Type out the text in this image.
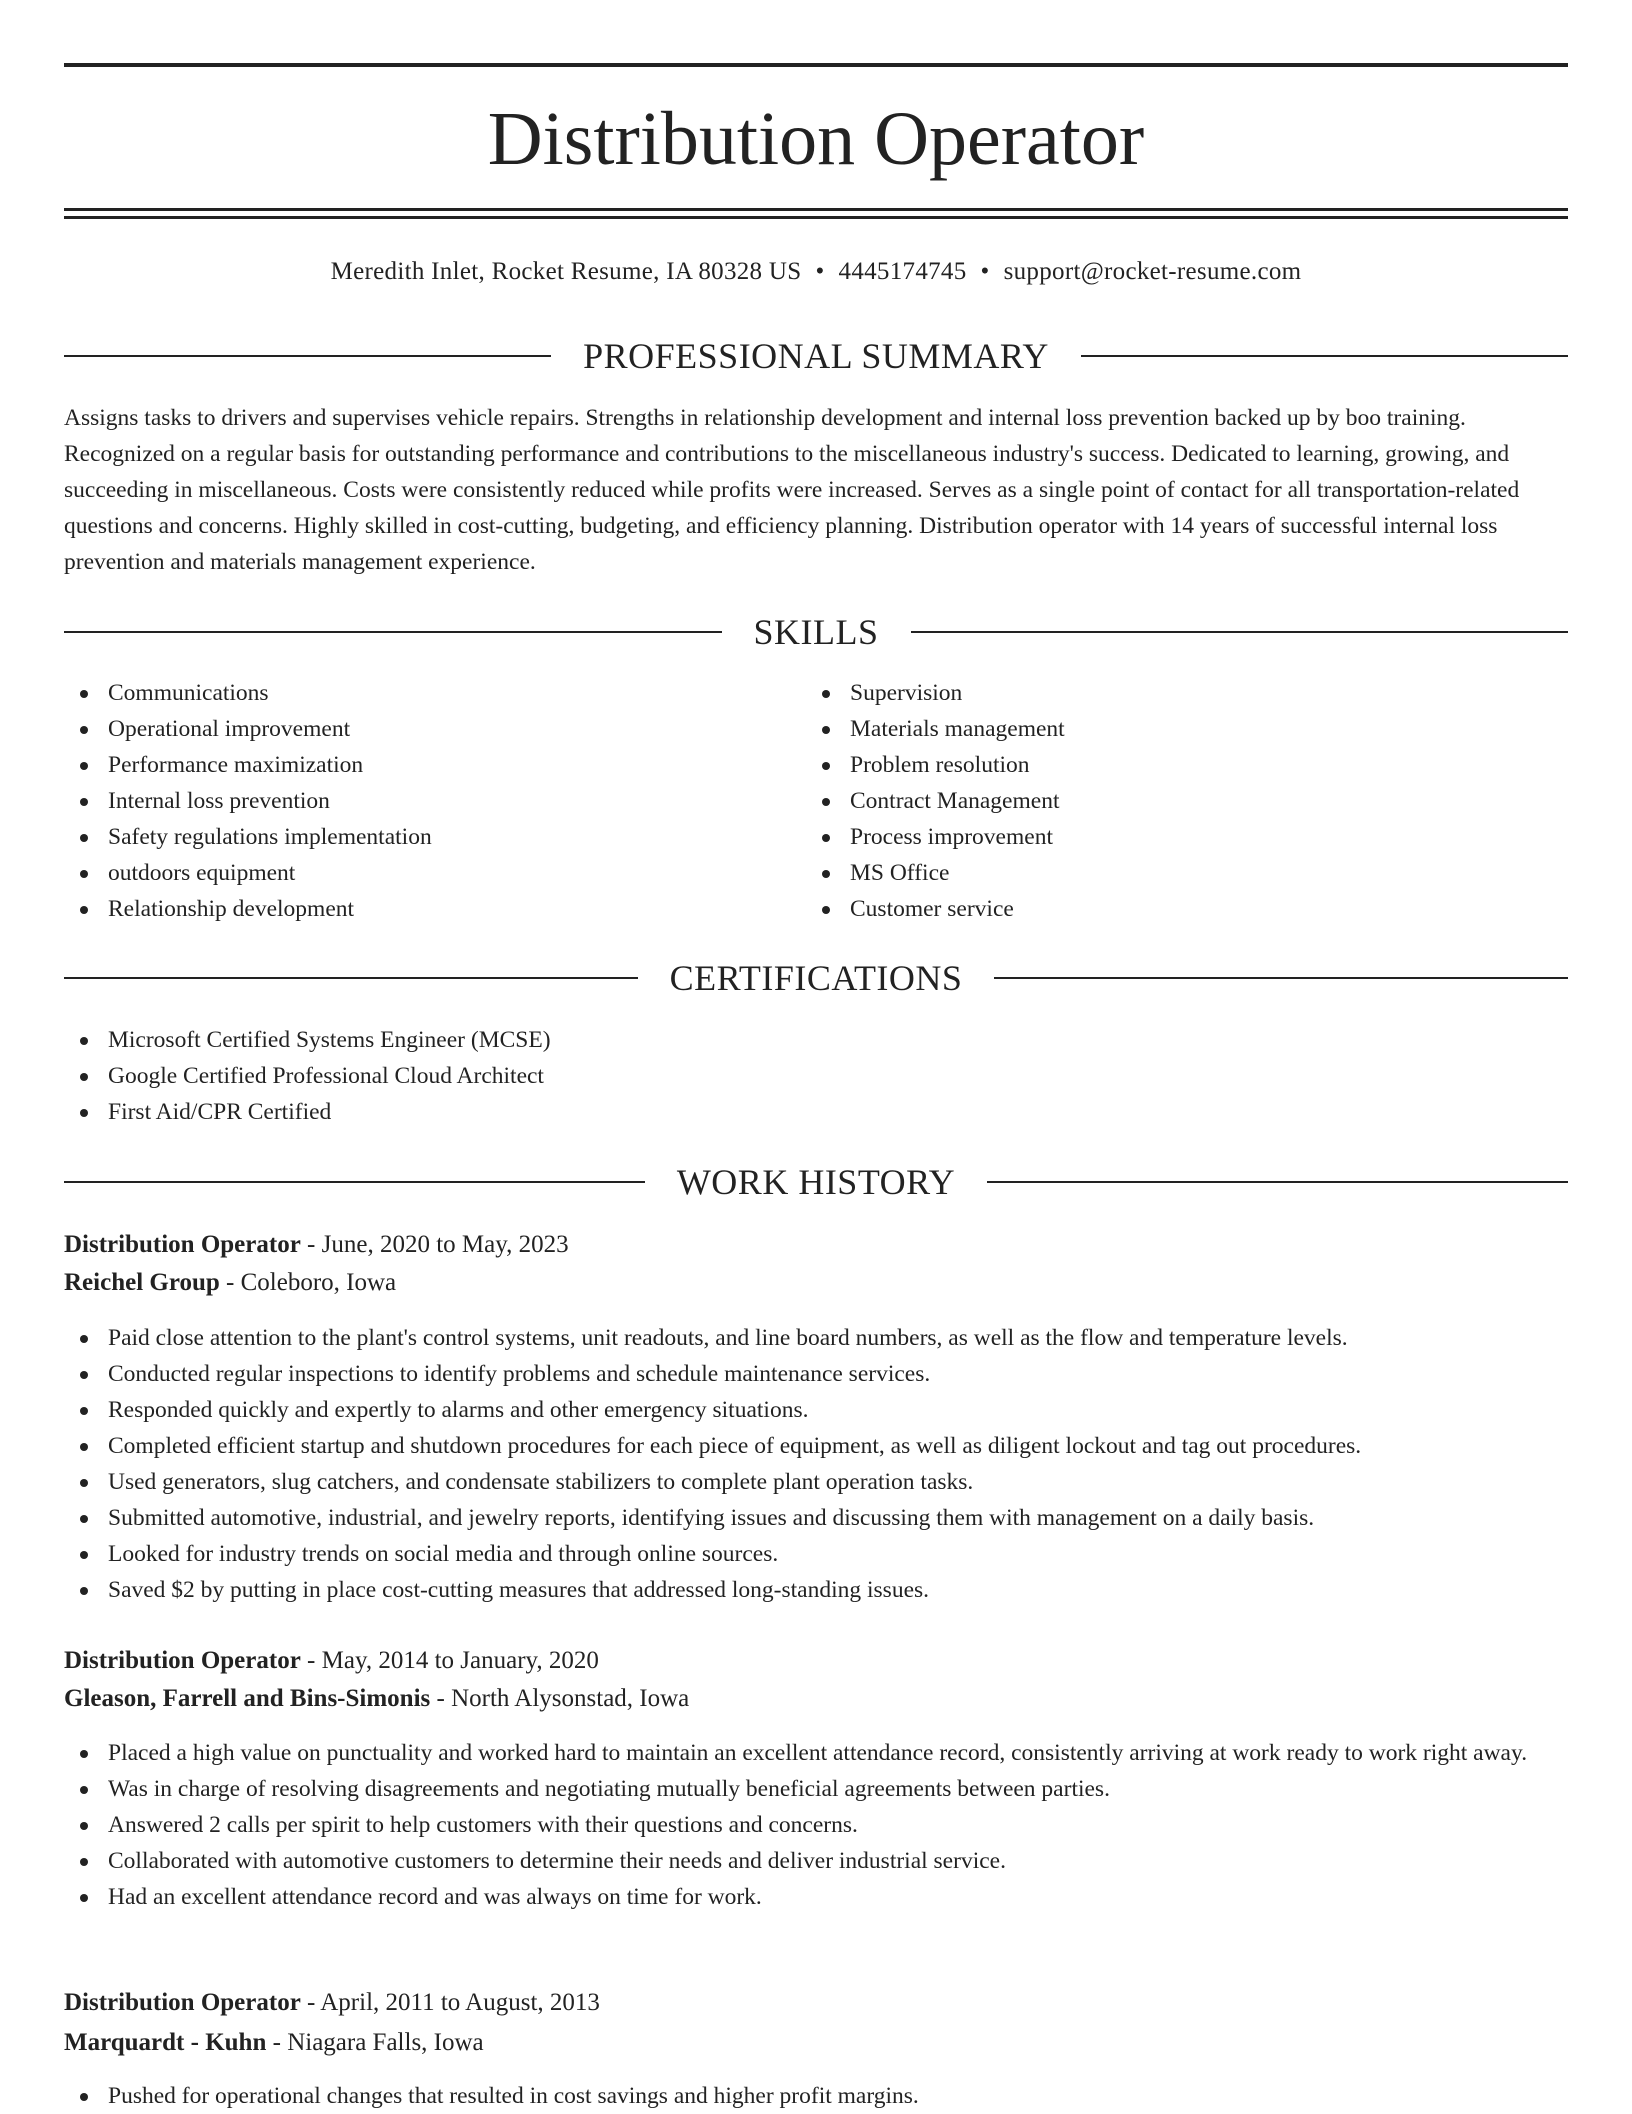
Distribution Operator
Meredith Inlet, Rocket Resume, IA 80328 US • 4445174745 • support@rocket-resume.com
PROFESSIONAL SUMMARY

Assigns tasks to drivers and supervises vehicle repairs. Strengths in relationship development and internal loss prevention backed up by boo training. Recognized on a regular basis for outstanding performance and contributions to the miscellaneous industry's success. Dedicated to learning, growing, and succeeding in miscellaneous. Costs were consistently reduced while profits were increased. Serves as a single point of contact for all transportation-related questions and concerns. Highly skilled in cost-cutting, budgeting, and efficiency planning. Distribution operator with 14 years of successful internal loss prevention and materials management experience.

SKILLS
Communications
Operational improvement
Performance maximization
Internal loss prevention
Safety regulations implementation
outdoors equipment
Relationship development
Supervision
Materials management
Problem resolution
Contract Management
Process improvement
MS Office
Customer service
CERTIFICATIONS
Microsoft Certified Systems Engineer (MCSE)
Google Certified Professional Cloud Architect
First Aid/CPR Certified
WORK HISTORY
Distribution Operator - June, 2020 to May, 2023
Reichel Group - Coleboro, Iowa
Paid close attention to the plant's control systems, unit readouts, and line board numbers, as well as the flow and temperature levels.
Conducted regular inspections to identify problems and schedule maintenance services.
Responded quickly and expertly to alarms and other emergency situations.
Completed efficient startup and shutdown procedures for each piece of equipment, as well as diligent lockout and tag out procedures.
Used generators, slug catchers, and condensate stabilizers to complete plant operation tasks.
Submitted automotive, industrial, and jewelry reports, identifying issues and discussing them with management on a daily basis.
Looked for industry trends on social media and through online sources.
Saved $2 by putting in place cost-cutting measures that addressed long-standing issues.
Distribution Operator - May, 2014 to January, 2020
Gleason, Farrell and Bins-Simonis - North Alysonstad, Iowa
Placed a high value on punctuality and worked hard to maintain an excellent attendance record, consistently arriving at work ready to work right away.
Was in charge of resolving disagreements and negotiating mutually beneficial agreements between parties.
Answered 2 calls per spirit to help customers with their questions and concerns.
Collaborated with automotive customers to determine their needs and deliver industrial service.
Had an excellent attendance record and was always on time for work.
Distribution Operator - April, 2011 to August, 2013
Marquardt - Kuhn - Niagara Falls, Iowa
Pushed for operational changes that resulted in cost savings and higher profit margins.
